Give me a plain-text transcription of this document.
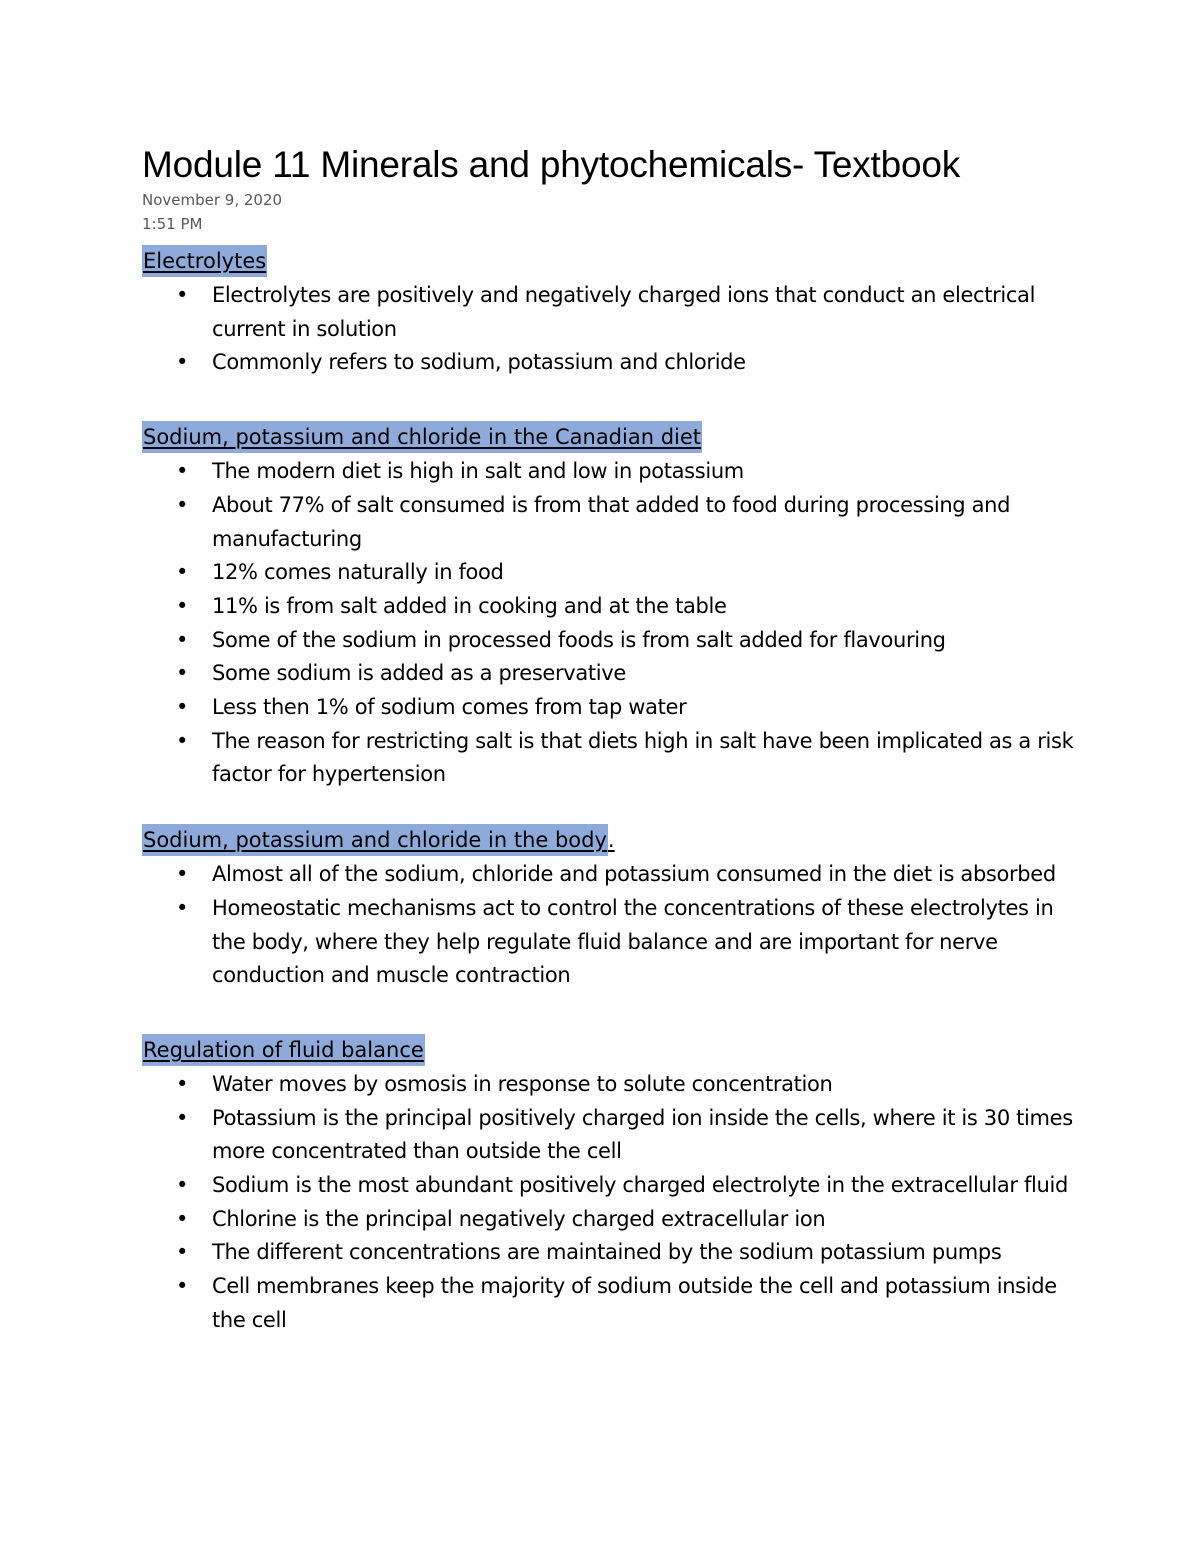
Module 11 Minerals and phytochemicals- Textbook
November 9, 2020
1:51 PM
Electrolytes
• Electrolytes are positively and negatively charged ions that conduct an electrical current in solution
• Commonly refers to sodium, potassium and chloride
Sodium, potassium and chloride in the Canadian diet
• The modern diet is high in salt and low in potassium
• About 77% of salt consumed is from that added to food during processing and manufacturing
• 12% comes naturally in food
• 11% is from salt added in cooking and at the table
• Some of the sodium in processed foods is from salt added for flavouring
• Some sodium is added as a preservative
• Less then 1% of sodium comes from tap water
• The reason for restricting salt is that diets high in salt have been implicated as a risk factor for hypertension
Sodium, potassium and chloride in the body.
• Almost all of the sodium, chloride and potassium consumed in the diet is absorbed
• Homeostatic mechanisms act to control the concentrations of these electrolytes in the body, where they help regulate fluid balance and are important for nerve conduction and muscle contraction
Regulation of fluid balance
• Water moves by osmosis in response to solute concentration
• Potassium is the principal positively charged ion inside the cells, where it is 30 times more concentrated than outside the cell
• Sodium is the most abundant positively charged electrolyte in the extracellular fluid
• Chlorine is the principal negatively charged extracellular ion
• The different concentrations are maintained by the sodium potassium pumps
• Cell membranes keep the majority of sodium outside the cell and potassium inside the cell
